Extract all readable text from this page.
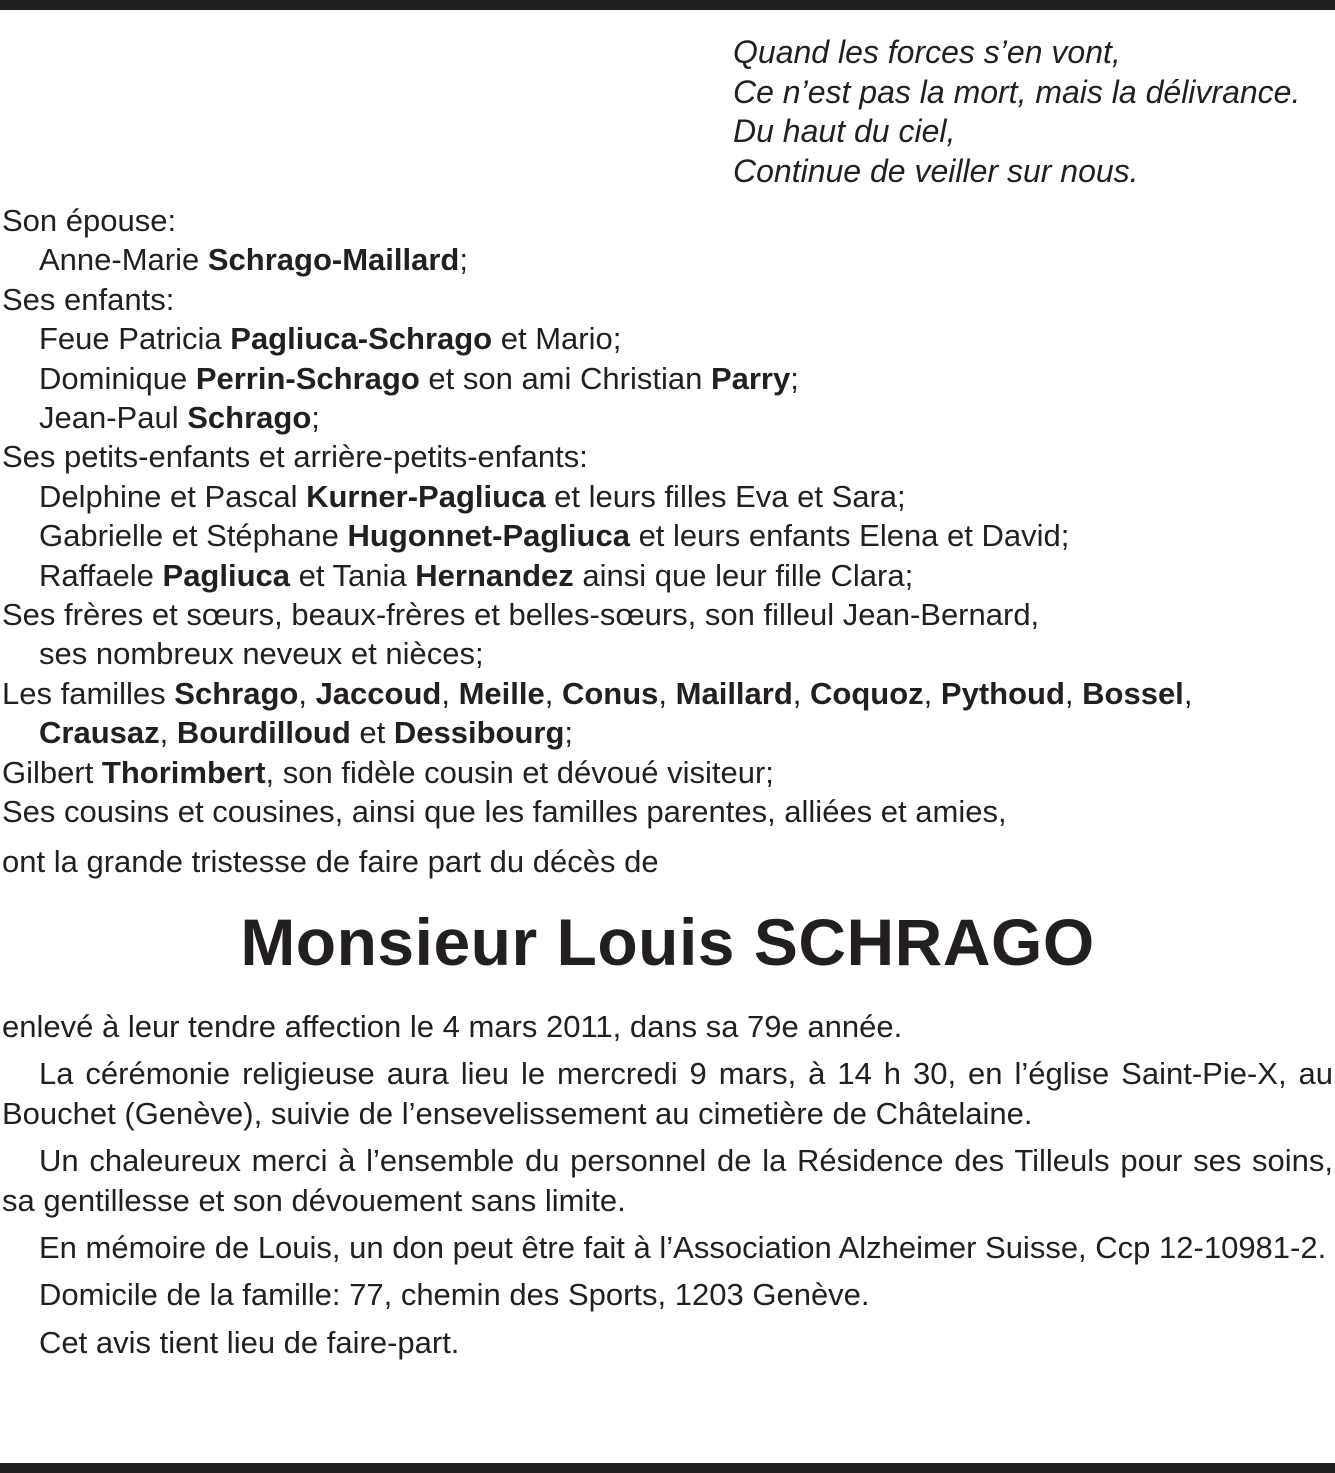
Quand les forces s’en vont,
Ce n’est pas la mort, mais la délivrance.
Du haut du ciel,
Continue de veiller sur nous.
Son épouse:
Anne-Marie Schrago-Maillard;
Ses enfants:
Feue Patricia Pagliuca-Schrago et Mario;
Dominique Perrin-Schrago et son ami Christian Parry;
Jean-Paul Schrago;
Ses petits-enfants et arrière-petits-enfants:
Delphine et Pascal Kurner-Pagliuca et leurs filles Eva et Sara;
Gabrielle et Stéphane Hugonnet-Pagliuca et leurs enfants Elena et David;
Raffaele Pagliuca et Tania Hernandez ainsi que leur fille Clara;
Ses frères et sœurs, beaux-frères et belles-sœurs, son filleul Jean-Bernard,
ses nombreux neveux et nièces;
Les familles Schrago, Jaccoud, Meille, Conus, Maillard, Coquoz, Pythoud, Bossel,
Crausaz, Bourdilloud et Dessibourg;
Gilbert Thorimbert, son fidèle cousin et dévoué visiteur;
Ses cousins et cousines, ainsi que les familles parentes, alliées et amies,
ont la grande tristesse de faire part du décès de
Monsieur Louis SCHRAGO

enlevé à leur tendre affection le 4 mars 2011, dans sa 79e année.

La cérémonie religieuse aura lieu le mercredi 9 mars, à 14 h 30, en l’église Saint-Pie-X, au Bouchet (Genève), suivie de l’ensevelissement au cimetière de Châtelaine.

Un chaleureux merci à l’ensemble du personnel de la Résidence des Tilleuls pour ses soins, sa gentillesse et son dévouement sans limite.

En mémoire de Louis, un don peut être fait à l’Association Alzheimer Suisse, Ccp 12-10981-2.

Domicile de la famille: 77, chemin des Sports, 1203 Genève.

Cet avis tient lieu de faire-part.
